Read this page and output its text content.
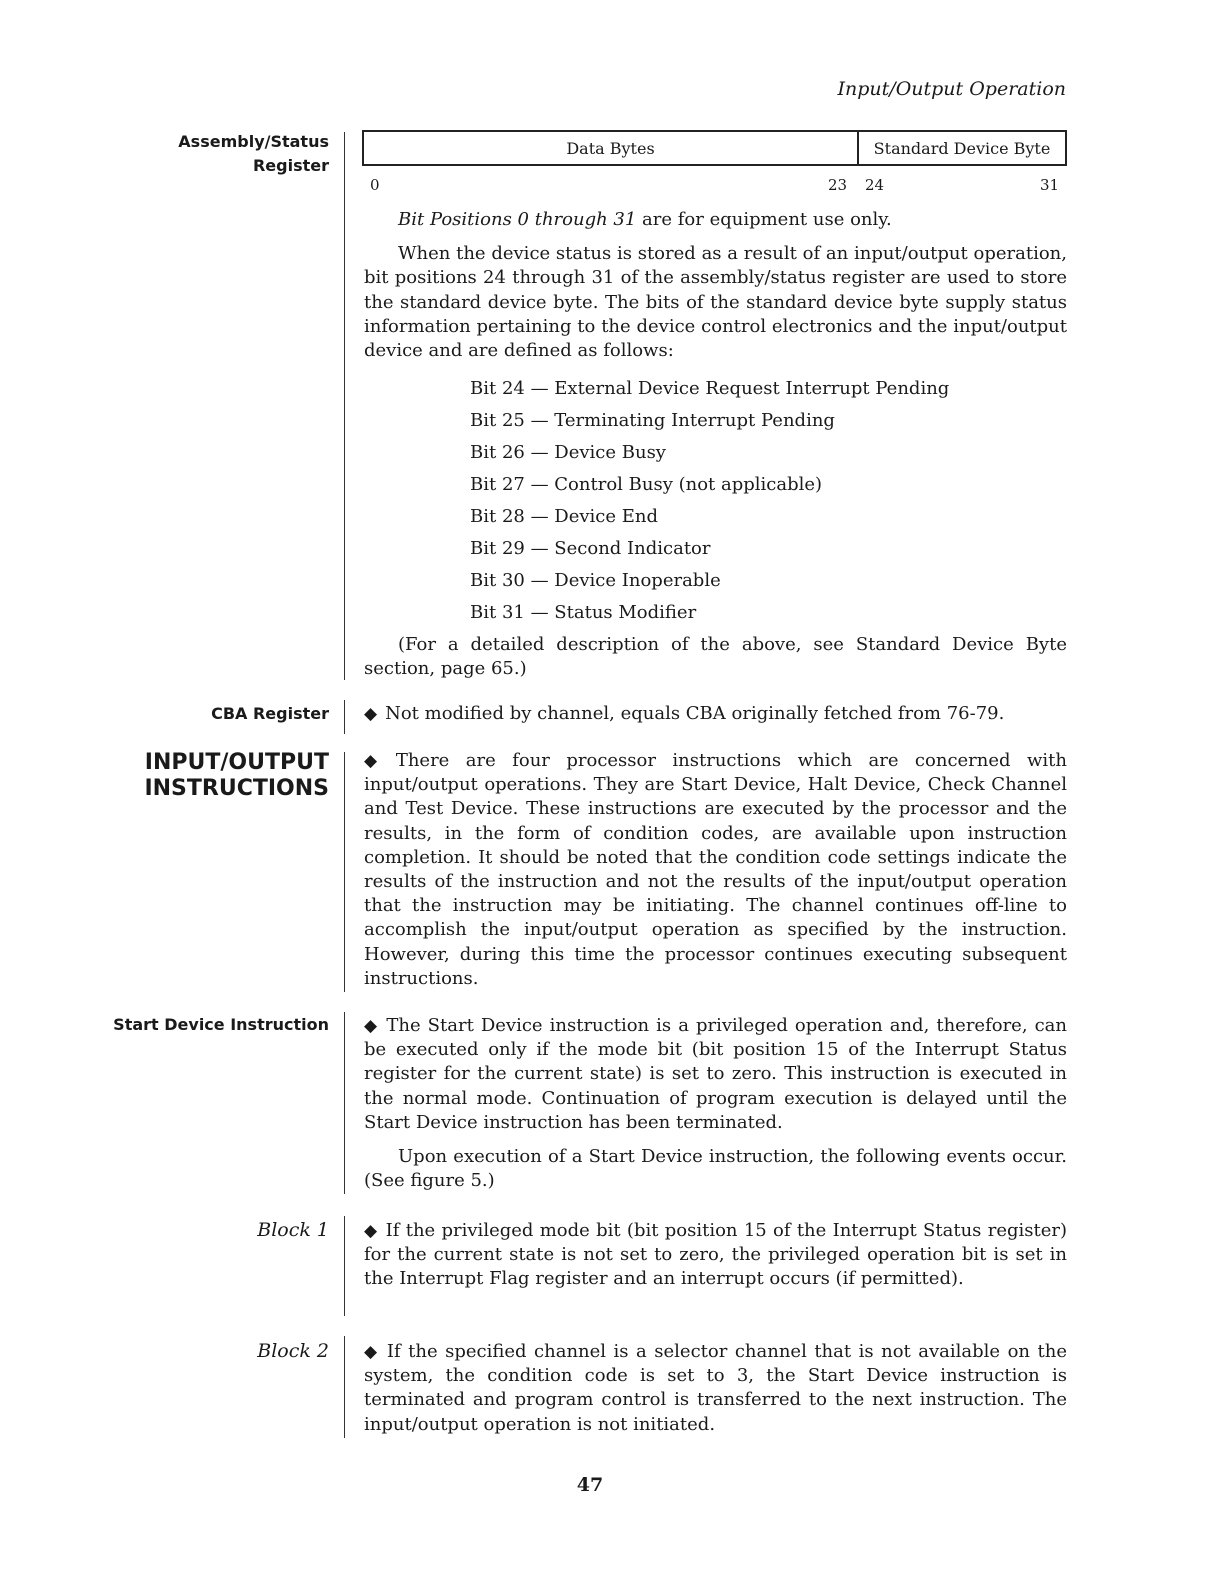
Input/Output Operation
Assembly/Status
Register
CBA Register
INPUT/OUTPUT
INSTRUCTIONS
Start Device Instruction
Block 1
Block 2
Data Bytes	Standard Device Byte
0	23 24	31

Bit Positions 0 through 31 are for equipment use only.

When the device status is stored as a result of an input/output operation, bit positions 24 through 31 of the assembly/status register are used to store the standard device byte. The bits of the standard device byte supply status information pertaining to the device control electronics and the input/output device and are defined as follows:

Bit 24 — External Device Request Interrupt Pending
Bit 25 — Terminating Interrupt Pending
Bit 26 — Device Busy
Bit 27 — Control Busy (not applicable)
Bit 28 — Device End
Bit 29 — Second Indicator
Bit 30 — Device Inoperable
Bit 31 — Status Modifier

(For a detailed description of the above, see Standard Device Byte section, page 65.)

◆ Not modified by channel, equals CBA originally fetched from 76-79.

◆ There are four processor instructions which are concerned with input/output operations. They are Start Device, Halt Device, Check Channel and Test Device. These instructions are executed by the processor and the results, in the form of condition codes, are available upon instruction completion. It should be noted that the condition code settings indicate the results of the instruction and not the results of the input/output operation that the instruction may be initiating. The channel continues off-line to accomplish the input/output operation as specified by the instruction. However, during this time the processor continues executing subsequent instructions.

◆ The Start Device instruction is a privileged operation and, therefore, can be executed only if the mode bit (bit position 15 of the Interrupt Status register for the current state) is set to zero. This instruction is executed in the normal mode. Continuation of program execution is delayed until the Start Device instruction has been terminated.

Upon execution of a Start Device instruction, the following events occur. (See figure 5.)

◆ If the privileged mode bit (bit position 15 of the Interrupt Status register) for the current state is not set to zero, the privileged operation bit is set in the Interrupt Flag register and an interrupt occurs (if permitted).

◆ If the specified channel is a selector channel that is not available on the system, the condition code is set to 3, the Start Device instruction is terminated and program control is transferred to the next instruction. The input/output operation is not initiated.

47
